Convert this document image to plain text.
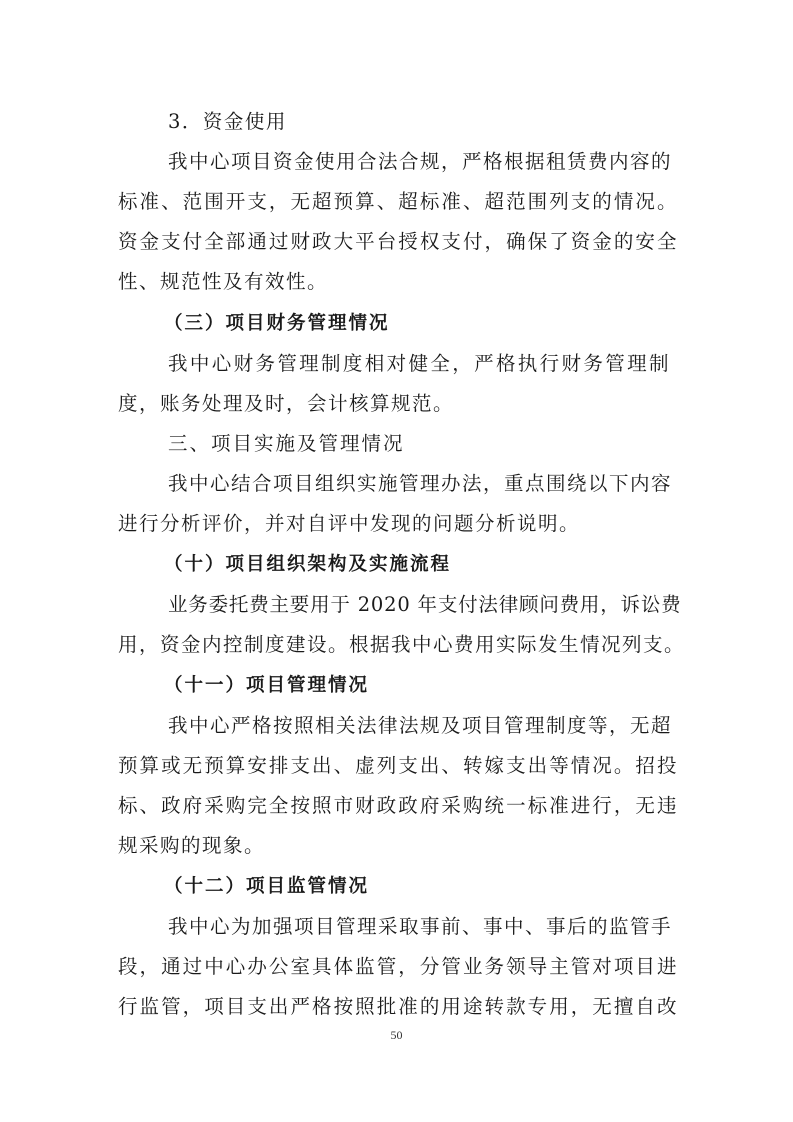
3．资金使用
我中心项目资金使用合法合规，严格根据租赁费内容的
标准、范围开支，无超预算、超标准、超范围列支的情况。
资金支付全部通过财政大平台授权支付，确保了资金的安全
性、规范性及有效性。
（三）项目财务管理情况
我中心财务管理制度相对健全，严格执行财务管理制
度，账务处理及时，会计核算规范。
三、项目实施及管理情况
我中心结合项目组织实施管理办法，重点围绕以下内容
进行分析评价，并对自评中发现的问题分析说明。
（十）项目组织架构及实施流程
业务委托费主要用于 2020 年支付法律顾问费用，诉讼费
用，资金内控制度建设。根据我中心费用实际发生情况列支。
（十一）项目管理情况
我中心严格按照相关法律法规及项目管理制度等，无超
预算或无预算安排支出、虚列支出、转嫁支出等情况。招投
标、政府采购完全按照市财政政府采购统一标准进行，无违
规采购的现象。
（十二）项目监管情况
我中心为加强项目管理采取事前、事中、事后的监管手
段，通过中心办公室具体监管，分管业务领导主管对项目进
行监管，项目支出严格按照批准的用途转款专用，无擅自改
50
